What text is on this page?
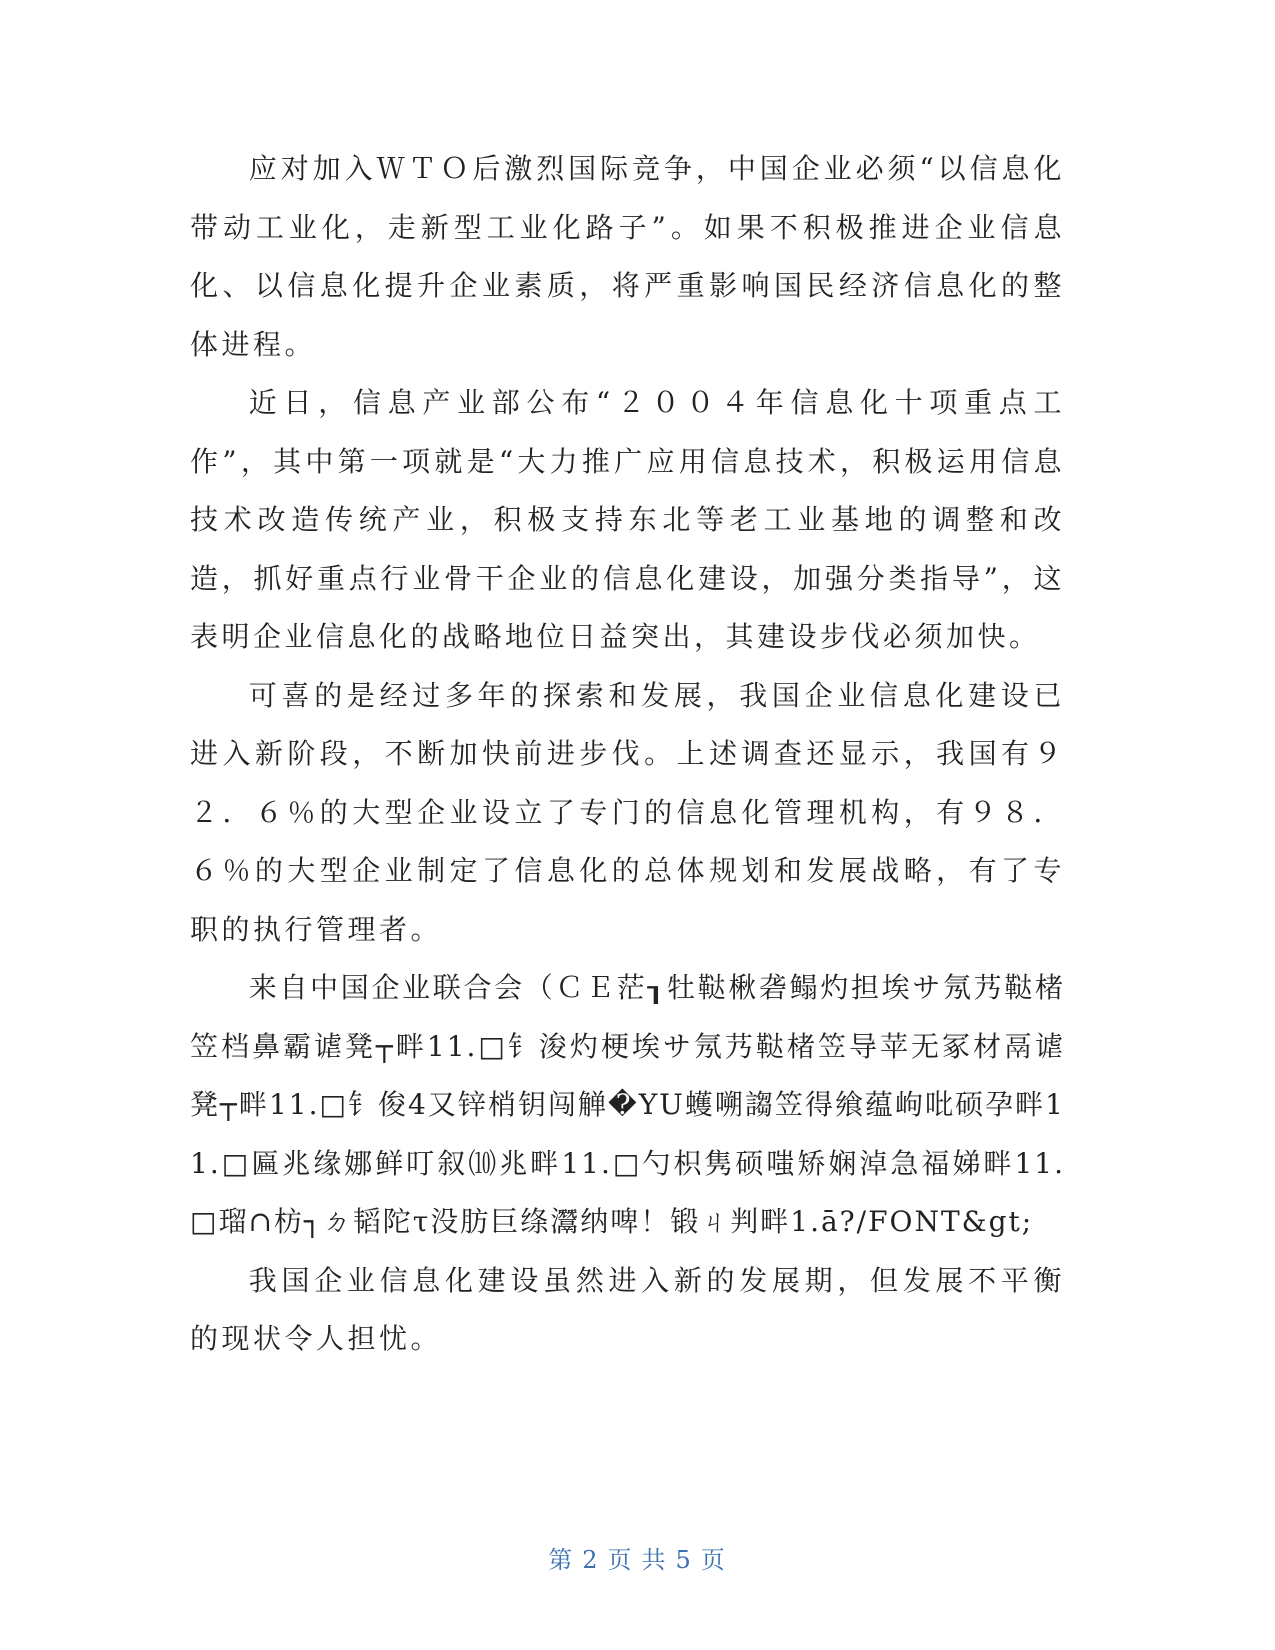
应对加入ＷＴＯ后激烈国际竞争，中国企业必须“以信息化带动工业化，走新型工业化路子”。如果不积极推进企业信息化、以信息化提升企业素质，将严重影响国民经济信息化的整体进程。

近日，信息产业部公布“２００４年信息化十项重点工作”，其中第一项就是“大力推广应用信息技术，积极运用信息技术改造传统产业，积极支持东北等老工业基地的调整和改造，抓好重点行业骨干企业的信息化建设，加强分类指导”，这表明企业信息化的战略地位日益突出，其建设步伐必须加快。

可喜的是经过多年的探索和发展，我国企业信息化建设已进入新阶段，不断加快前进步伐。上述调查还显示，我国有９２．６％的大型企业设立了专门的信息化管理机构，有９８．６％的大型企业制定了信息化的总体规划和发展战略，有了专职的执行管理者。

来自中国企业联合会（ＣＥ茫┒牡鞑楸砻鳎灼担埃サ氖艿鞑楮笠档鼻霸谑凳┬畔11.□钅浚灼梗埃サ氖艿鞑楮笠导苹无冢材鬲谑凳┬畔11.□钅俊4又锌梢钥闯觯�YU蠖嗍謅笠得飨蕴岣吡硕孕畔11.□匾兆缘娜鲜叮叙⑽兆畔11.□勺枳隽硕嗤矫娴淖急福娣畔11.□瑠∩枋┐ㄉ韬陀τ没肪巨绦灊纳啤！锻ㄐ判畔1.ā?/FONT&gt;

我国企业信息化建设虽然进入新的发展期，但发展不平衡的现状令人担忧。

第 2 页 共 5 页
